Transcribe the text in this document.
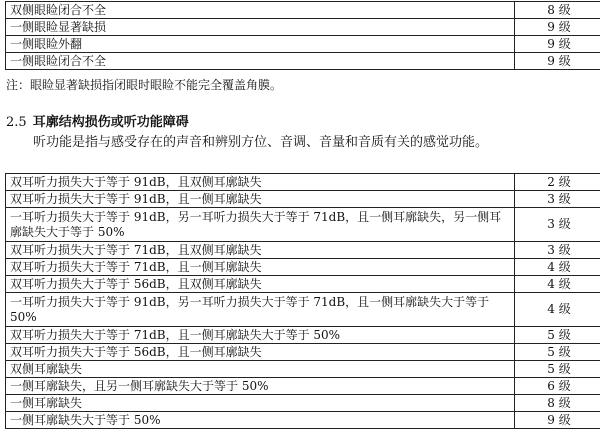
双侧眼睑闭合不全	8 级
一侧眼睑显著缺损	9 级
一侧眼睑外翻	9 级
一侧眼睑闭合不全	9 级
注：眼睑显著缺损指闭眼时眼睑不能完全覆盖角膜。
2.5 耳廓结构损伤或听功能障碍
听功能是指与感受存在的声音和辨别方位、音调、音量和音质有关的感觉功能。
双耳听力损失大于等于 91dB，且双侧耳廓缺失	2 级
双耳听力损失大于等于 91dB，且一侧耳廓缺失	3 级
一耳听力损失大于等于 91dB，另一耳听力损失大于等于 71dB，且一侧耳廓缺失，另一侧耳廓缺失大于等于 50%	3 级
双耳听力损失大于等于 71dB，且双侧耳廓缺失	3 级
双耳听力损失大于等于 71dB，且一侧耳廓缺失	4 级
双耳听力损失大于等于 56dB，且双侧耳廓缺失	4 级
一耳听力损失大于等于 91dB，另一耳听力损失大于等于 71dB，且一侧耳廓缺失大于等于 50%	4 级
双耳听力损失大于等于 71dB，且一侧耳廓缺失大于等于 50%	5 级
双耳听力损失大于等于 56dB，且一侧耳廓缺失	5 级
双侧耳廓缺失	5 级
一侧耳廓缺失，且另一侧耳廓缺失大于等于 50%	6 级
一侧耳廓缺失	8 级
一侧耳廓缺失大于等于 50%	9 级
